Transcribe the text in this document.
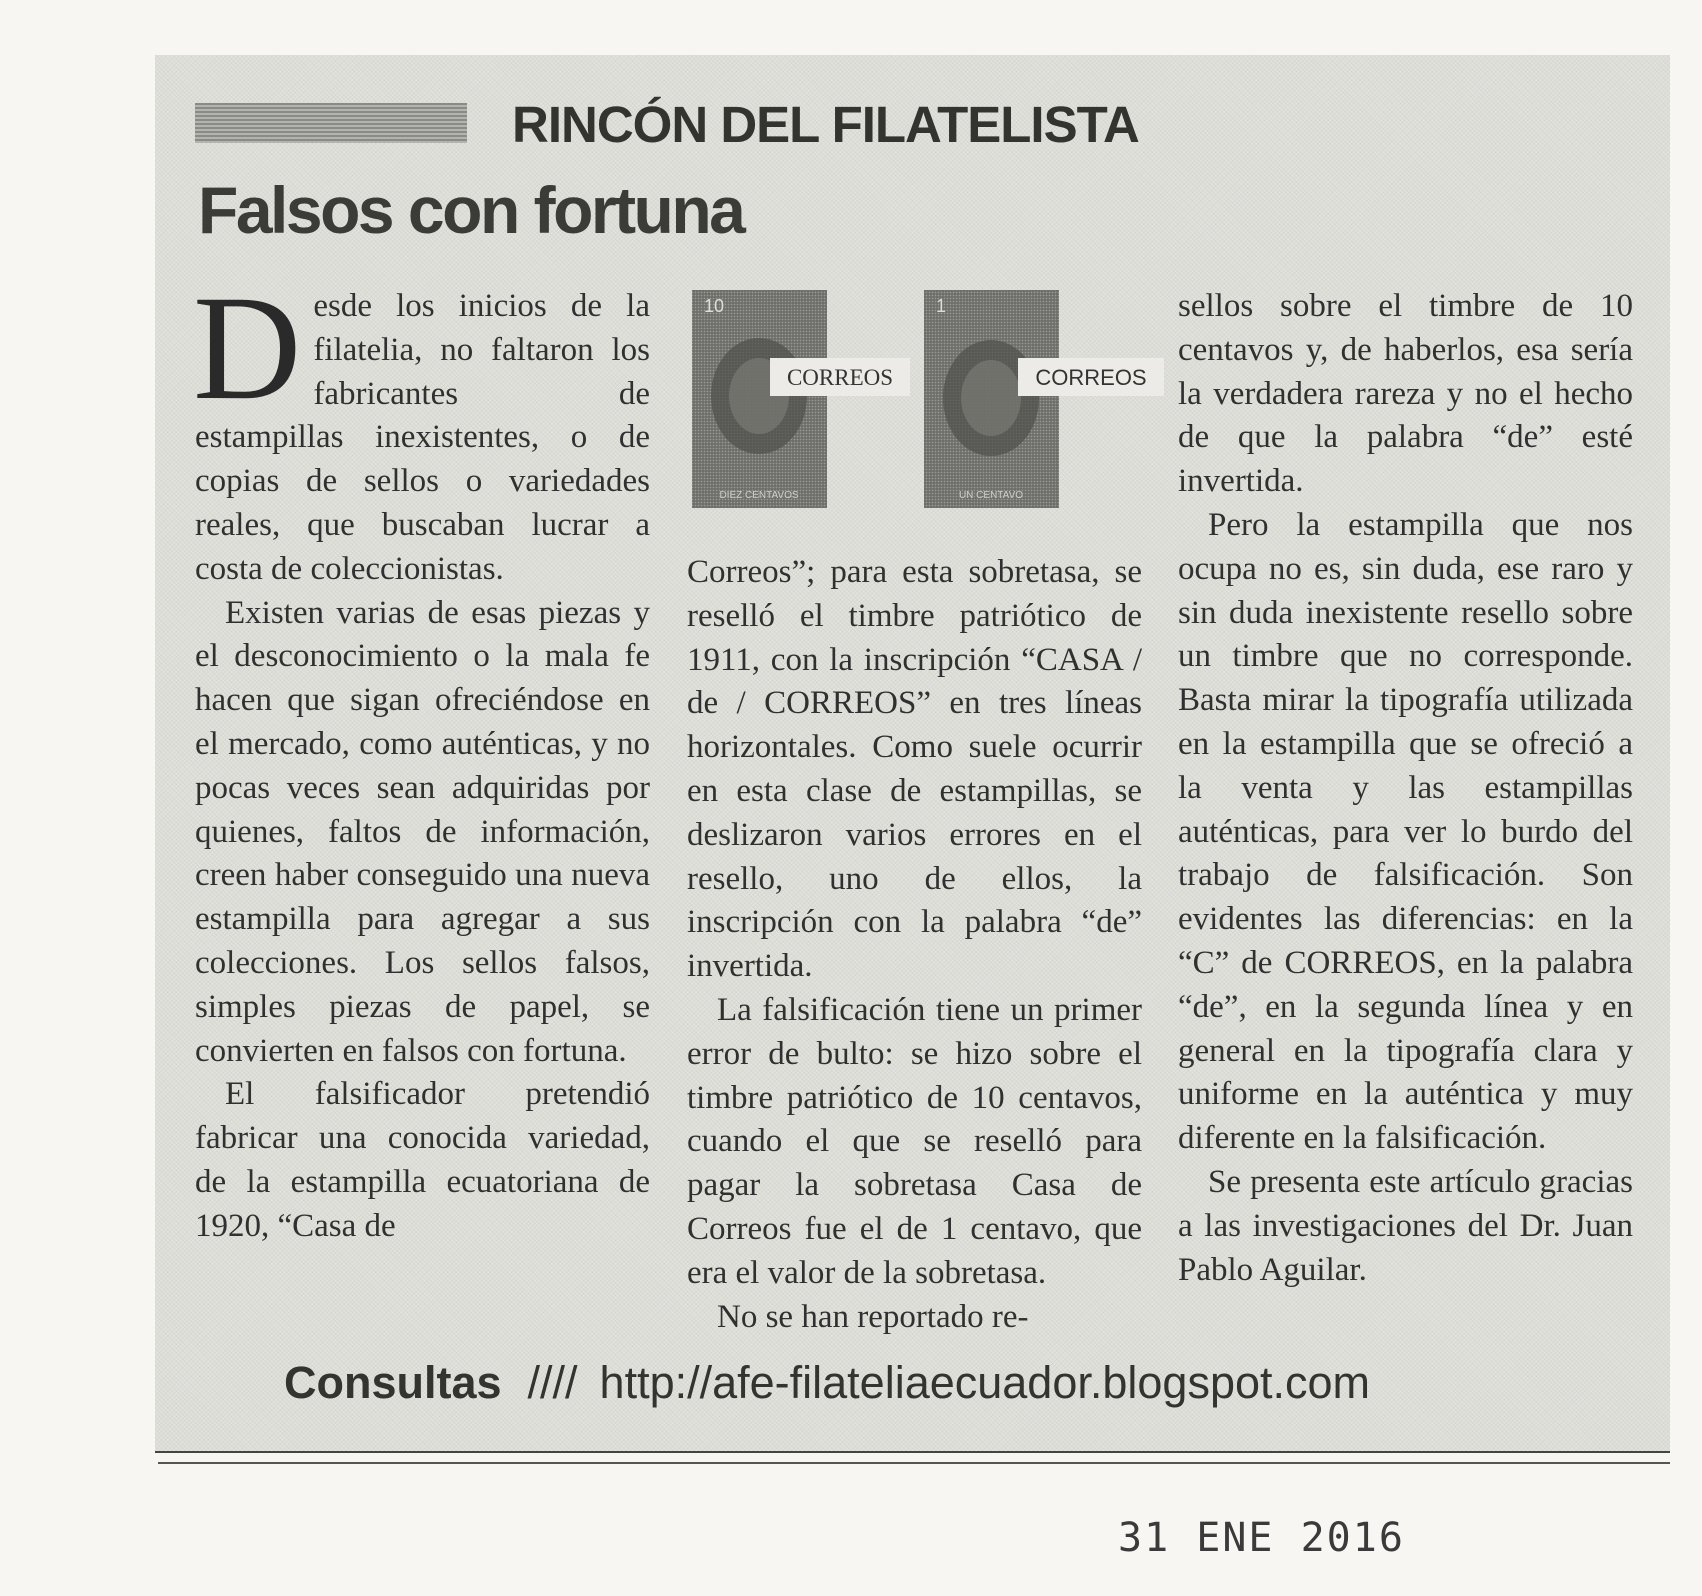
RINCÓN DEL FILATELISTA
Falsos con fortuna

Desde los inicios de la filatelia, no faltaron los fabricantes de estampillas inexistentes, o de copias de sellos o variedades reales, que buscaban lucrar a costa de coleccionistas.

Existen varias de esas piezas y el desconocimiento o la mala fe hacen que sigan ofreciéndose en el mercado, como auténticas, y no pocas veces sean adquiridas por quienes, faltos de información, creen haber conseguido una nueva estampilla para agregar a sus colecciones. Los sellos falsos, simples piezas de papel, se convierten en falsos con fortuna.

El falsificador pretendió fabricar una conocida variedad, de la estampilla ecuatoriana de 1920, “Casa de

Correos”; para esta sobretasa, se reselló el timbre patriótico de 1911, con la inscripción “CASA / de / CORREOS” en tres líneas horizontales. Como suele ocurrir en esta clase de estampillas, se deslizaron varios errores en el resello, uno de ellos, la inscripción con la palabra “de” invertida.

La falsificación tiene un primer error de bulto: se hizo sobre el timbre patriótico de 10 centavos, cuando el que se reselló para pagar la sobretasa Casa de Correos fue el de 1 centavo, que era el valor de la sobretasa.

No se han reportado re-

sellos sobre el timbre de 10 centavos y, de haberlos, esa sería la verdadera rareza y no el hecho de que la palabra “de” esté invertida.

Pero la estampilla que nos ocupa no es, sin duda, ese raro y sin duda inexistente resello sobre un timbre que no corresponde. Basta mirar la tipografía utilizada en la estampilla que se ofreció a la venta y las estampillas auténticas, para ver lo burdo del trabajo de falsificación. Son evidentes las diferencias: en la “C” de CORREOS, en la palabra “de”, en la segunda línea y en general en la tipografía clara y uniforme en la auténtica y muy diferente en la falsificación.

Se presenta este artículo gracias a las investigaciones del Dr. Juan Pablo Aguilar.

Consultas //// http://afe-filateliaecuador.blogspot.com
10
DIEZ CENTAVOS
CORREOS
1
UN CENTAVO
CORREOS
31 ENE 2016
